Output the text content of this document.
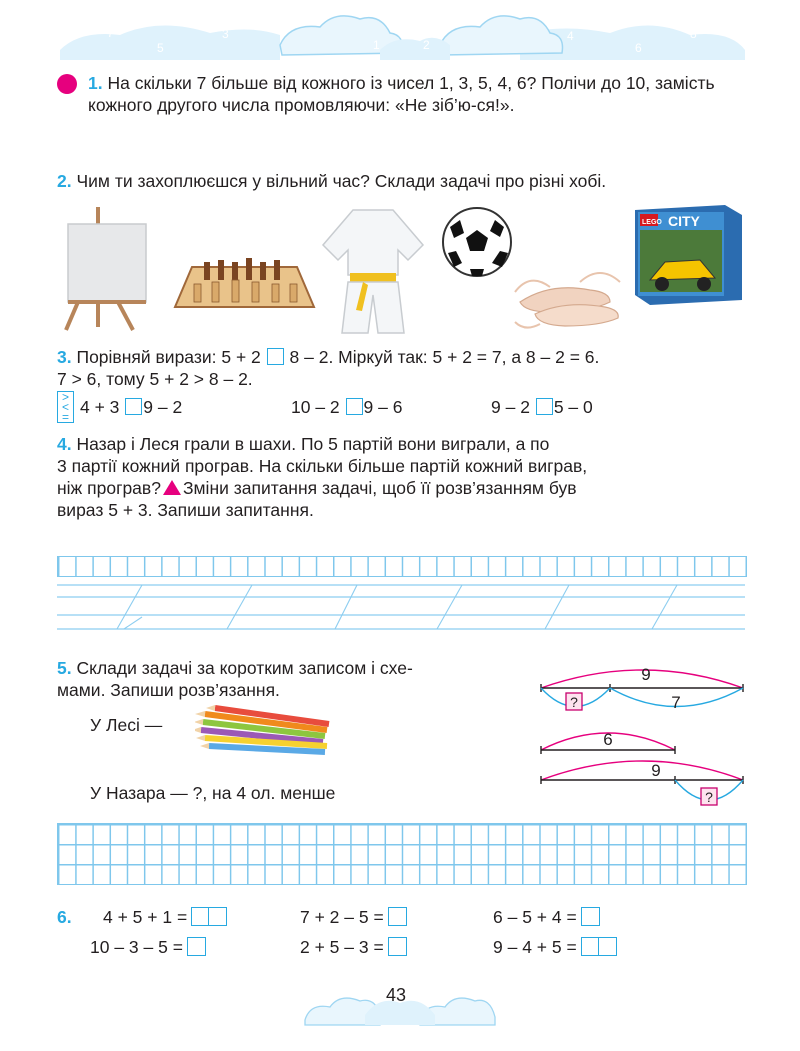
7
5
3
0
1	2
4
6
8
1. На скільки 7 більше від кожного із чисел 1, 3, 5, 4, 6? Полічи до 10, замість кожного другого числа промовляючи: «Не зіб’ю-ся!».
2. Чим ти захоплюєшся у вільний час? Склади задачі про різні хобі.
LEGO CITY
3. Порівняй вирази: 5 + 2 8 – 2. Міркуй так: 5 + 2 = 7, а 8 – 2 = 6.
7 > 6, тому 5 + 2 > 8 – 2.
>
<
= 4 + 3 9 – 2	10 – 2 9 – 6	9 – 2 5 – 0
4. Назар і Леся грали в шахи. По 5 партій вони виграли, а по
3 партії кожний програв. На скільки більше партій кожний виграв,
ніж програв? Зміни запитання задачі, щоб її розв’язанням був
вираз 5 + 3. Запиши запитання.
5. Склади задачі за коротким записом і схе-
мами. Запиши розв’язання.
У Лесі —
У Назара — ?, на 4 ол. менше
9
7
?
6
9
?
6. 4 + 5 + 1 =	7 + 2 – 5 =	6 – 5 + 4 =
10 – 3 – 5 =	2 + 5 – 3 =	9 – 4 + 5 =
43
